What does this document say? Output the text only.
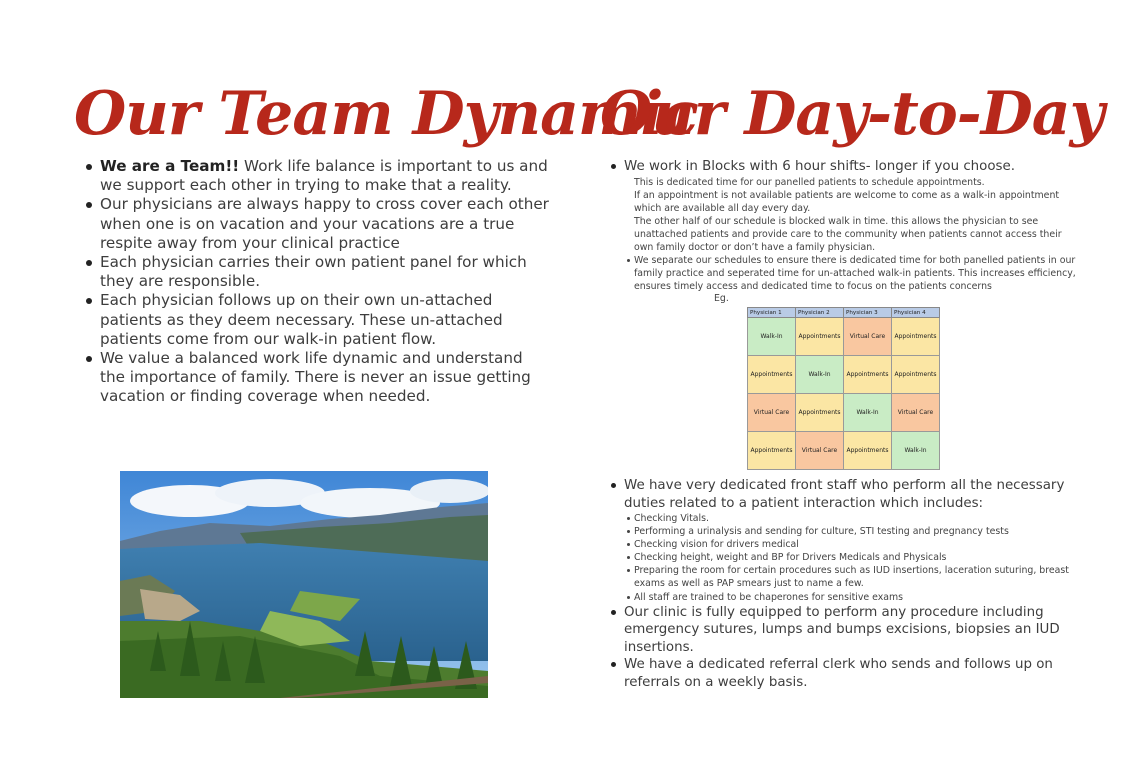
Our Team Dynamic
We are a Team!! Work life balance is important to us and we support each other in trying to make that a reality.
Our physicians are always happy to cross cover each other when one is on vacation and your vacations are a true respite away from your clinical practice
Each physician carries their own patient panel for which they are responsible.
Each physician follows up on their own un-attached patients as they deem necessary. These un-attached patients come from our walk-in patient flow.
We value a balanced work life dynamic and understand the importance of family. There is never an issue getting vacation or finding coverage when needed.
Our Day-to-Day
We work in Blocks with 6 hour shifts- longer if you choose.
This is dedicated time for our panelled patients to schedule appointments.
If an appointment is not available patients are welcome to come as a walk-in appointment which are available all day every day.
The other half of our schedule is blocked walk in time. this allows the physician to see unattached patients and provide care to the community when patients cannot access their own family doctor or don’t have a family physician.
We separate our schedules to ensure there is dedicated time for both panelled patients in our family practice and seperated time for un-attached walk-in patients. This increases efficiency, ensures timely access and dedicated time to focus on the patients concerns
Eg.
Physician 1	Physician 2	Physician 3	Physician 4
Walk-In	Appointments	Virtual Care	Appointments
Appointments	Walk-In	Appointments	Appointments
Virtual Care	Appointments	Walk-In	Virtual Care
Appointments	Virtual Care	Appointments	Walk-In
We have very dedicated front staff who perform all the necessary duties related to a patient interaction which includes:
Checking Vitals.
Performing a urinalysis and sending for culture, STI testing and pregnancy tests
Checking vision for drivers medical
Checking height, weight and BP for Drivers Medicals and Physicals
Preparing the room for certain procedures such as IUD insertions, laceration suturing, breast exams as well as PAP smears just to name a few.
All staff are trained to be chaperones for sensitive exams
Our clinic is fully equipped to perform any procedure including emergency sutures, lumps and bumps excisions, biopsies an IUD insertions.
We have a dedicated referral clerk who sends and follows up on referrals on a weekly basis.
